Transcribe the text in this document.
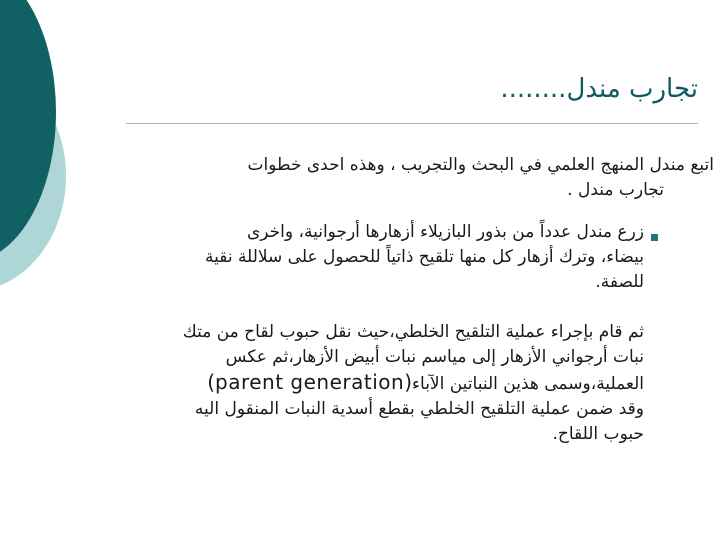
تجارب مندل........
اتبع مندل المنهج العلمي في البحث والتجريب ، وهذه احدى خطوات
تجارب مندل .
زرع مندل عدداً من بذور البازيلاء أزهارها أرجوانية، واخرى
بيضاء، وترك أزهار كل منها تلقيح ذاتياً للحصول على سلاللة نقية
للصفة.
ثم قام بإجراء عملية التلقيح الخلطي،حيث نقل حبوب لقاح من متك
نبات أرجواني الأزهار إلى مياسم نبات أبيض الأزهار،ثم عكس
العملية،وسمى هذين النباتين الآباء(parent generation)
وقد ضمن عملية التلقيح الخلطي بقطع أسدية النبات المنقول اليه
حبوب اللقاح.
